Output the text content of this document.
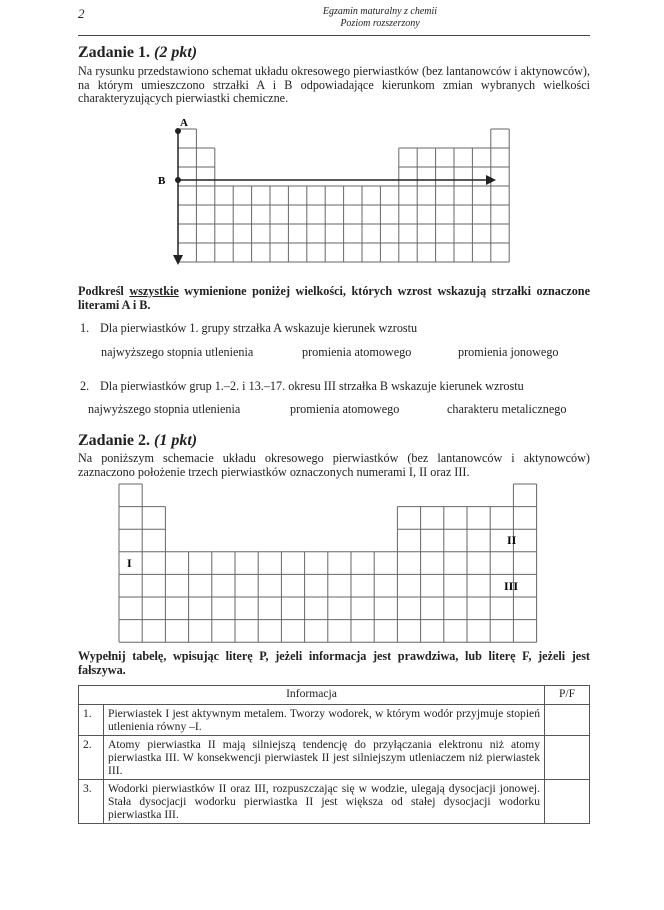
2	Egzamin maturalny z chemii
Poziom rozszerzony
Zadanie 1. (2 pkt)
Na rysunku przedstawiono schemat układu okresowego pierwiastków (bez lantanowców i aktynowców), na którym umieszczono strzałki A i B odpowiadające kierunkom zmian wybranych wielkości charakteryzujących pierwiastki chemiczne.
A
B
Podkreśl wszystkie wymienione poniżej wielkości, których wzrost wskazują strzałki oznaczone literami A i B.
1. Dla pierwiastków 1. grupy strzałka A wskazuje kierunek wzrostu
najwyższego stopnia utlenienia	promienia atomowego	promienia jonowego
2. Dla pierwiastków grup 1.–2. i 13.–17. okresu III strzałka B wskazuje kierunek wzrostu
najwyższego stopnia utlenienia	promienia atomowego	charakteru metalicznego
Zadanie 2. (1 pkt)
Na poniższym schemacie układu okresowego pierwiastków (bez lantanowców i aktynowców) zaznaczono położenie trzech pierwiastków oznaczonych numerami I, II oraz III.
I
II
III
Wypełnij tabelę, wpisując literę P, jeżeli informacja jest prawdziwa, lub literę F, jeżeli jest fałszywa.
Informacja		P/F
1.	Pierwiastek I jest aktywnym metalem. Tworzy wodorek, w którym wodór przyjmuje stopień utlenienia równy –I.	
2.	Atomy pierwiastka II mają silniejszą tendencję do przyłączania elektronu niż atomy pierwiastka III. W konsekwencji pierwiastek II jest silniejszym utleniaczem niż pierwiastek III.	
3.	Wodorki pierwiastków II oraz III, rozpuszczając się w wodzie, ulegają dysocjacji jonowej. Stała dysocjacji wodorku pierwiastka II jest większa od stałej dysocjacji wodorku pierwiastka III.	
